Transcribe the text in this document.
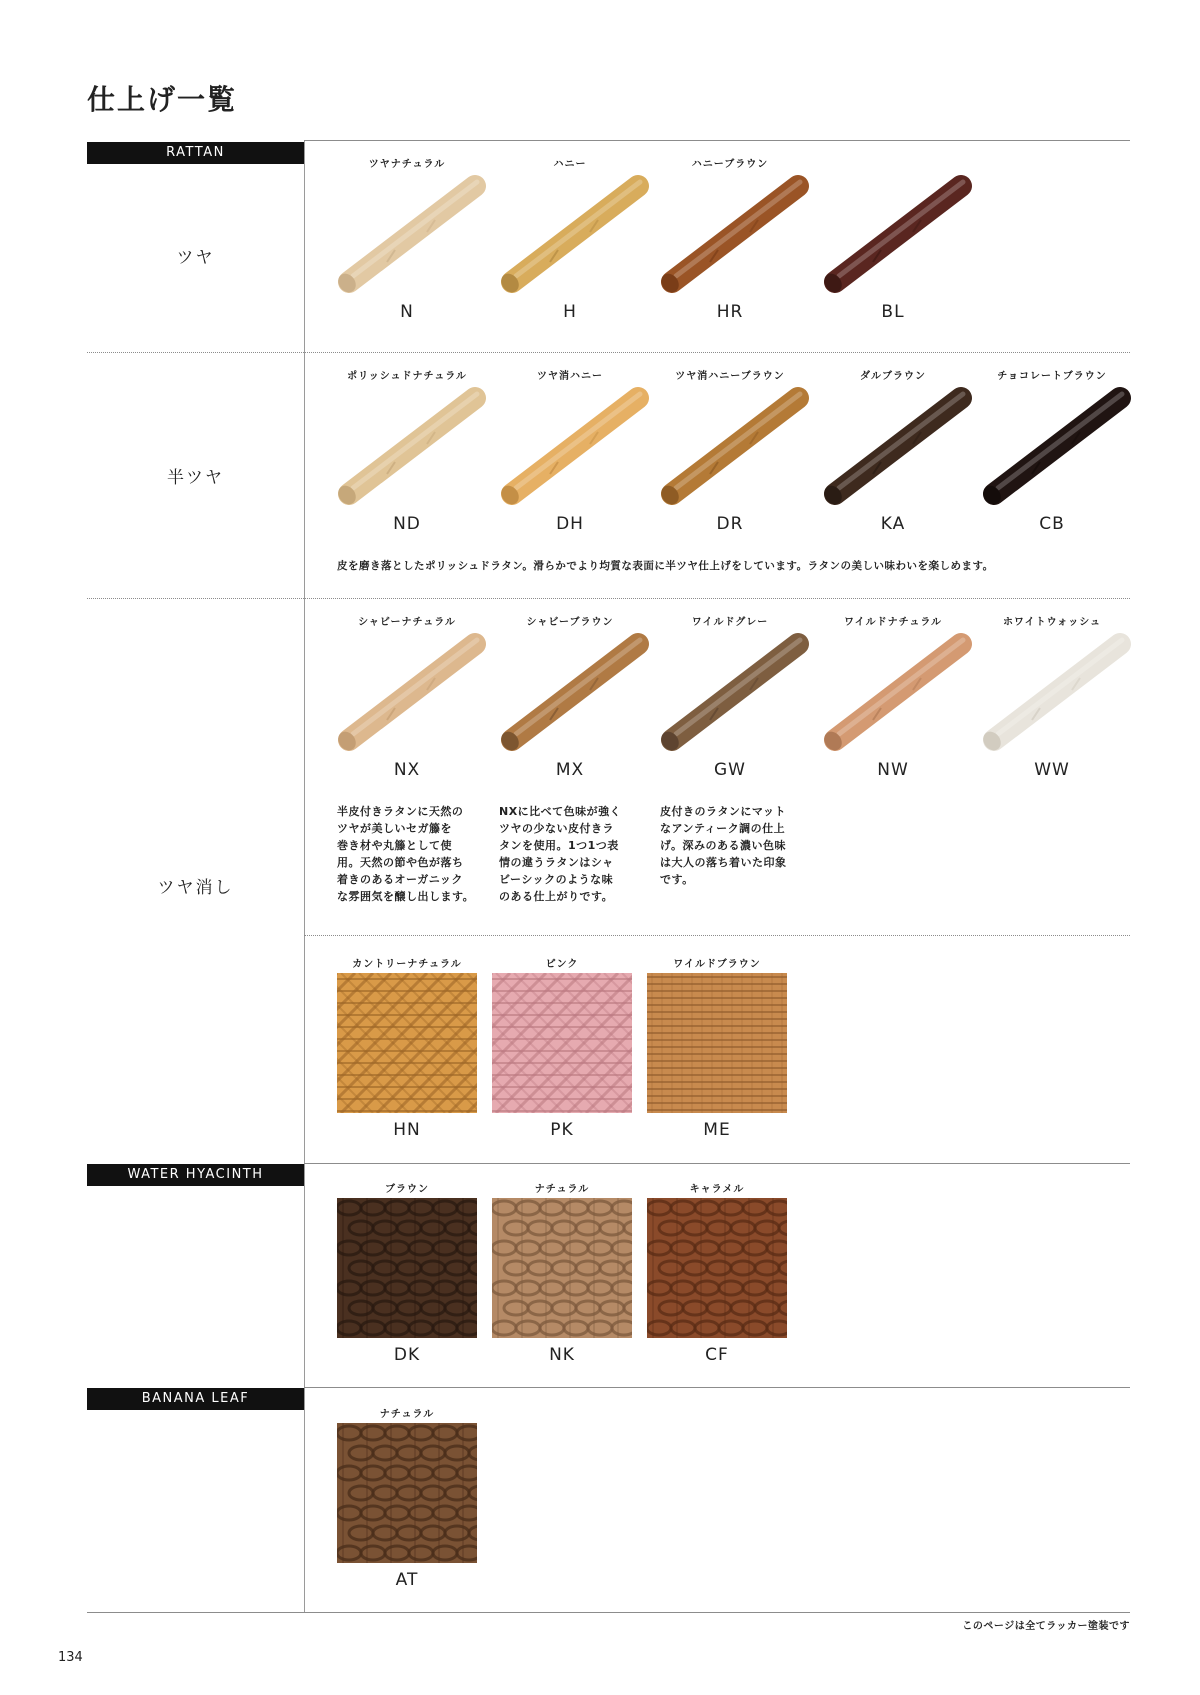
仕上げ一覧
RATTAN
WATER HYACINTH
BANANA LEAF
ツヤ
半ツヤ
ツヤ消し
ツヤナチュラル
N
ハニー
H
ハニーブラウン
HR	BL
ポリッシュドナチュラル
ND
ツヤ消ハニー
DH
ツヤ消ハニーブラウン
DR
ダルブラウン
KA
チョコレートブラウン
CB
皮を磨き落としたポリッシュドラタン。滑らかでより均質な表面に半ツヤ仕上げをしています。ラタンの美しい味わいを楽しめます。
シャビーナチュラル
NX
シャビーブラウン
MX
ワイルドグレー
GW
ワイルドナチュラル
NW
ホワイトウォッシュ
WW
半皮付きラタンに天然の
ツヤが美しいセガ籐を
巻き材や丸籐として使
用。天然の節や色が落ち
着きのあるオーガニック
な雰囲気を醸し出します。
NXに比べて色味が強く
ツヤの少ない皮付きラ
タンを使用。1つ1つ表
情の違うラタンはシャ
ビーシックのような味
のある仕上がりです。
皮付きのラタンにマット
なアンティーク調の仕上
げ。深みのある濃い色味
は大人の落ち着いた印象
です。
カントリーナチュラル
HN
ピンク
PK
ワイルドブラウン
ME
ブラウン
DK
ナチュラル
NK
キャラメル
CF
ナチュラル
AT
このページは全てラッカー塗装です
134
